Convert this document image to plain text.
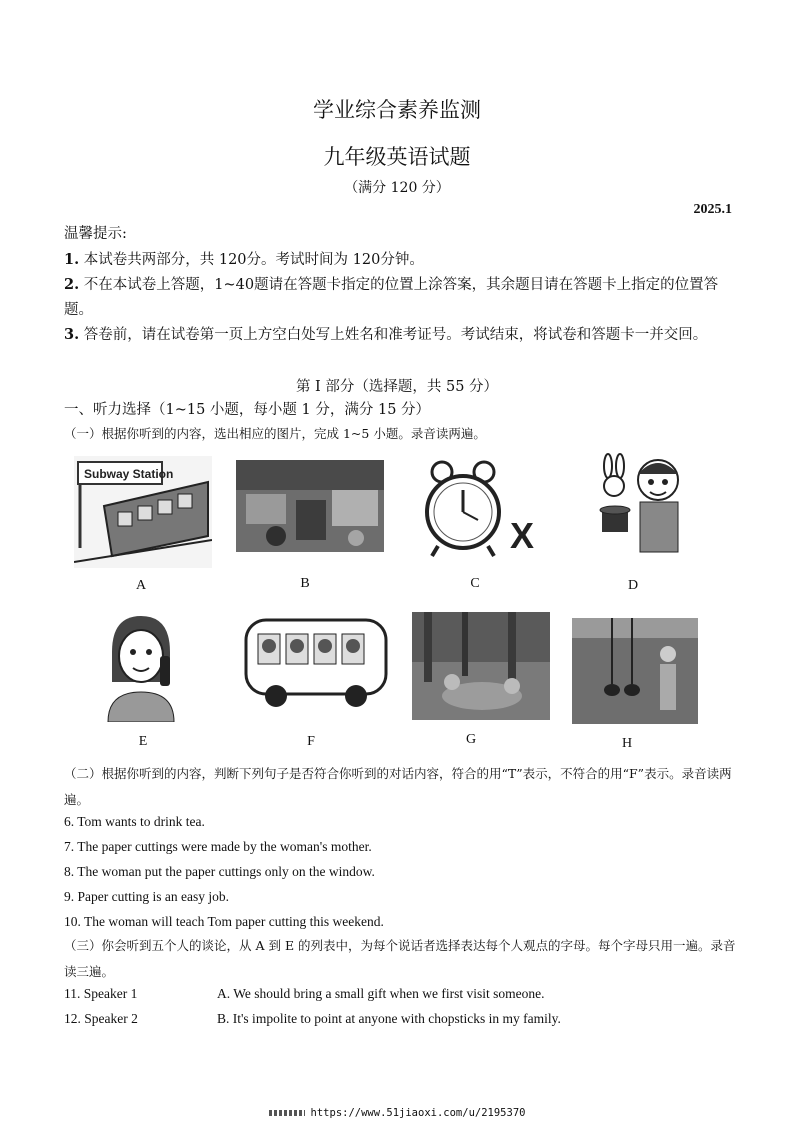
学业综合素养监测
九年级英语试题
（满分 120 分）
2025.1
温馨提示:
1. 本试卷共两部分，共 120分。考试时间为 120分钟。
2. 不在本试卷上答题，1~40题请在答题卡指定的位置上涂答案，其余题目请在答题卡上指定的位置答题。
3. 答卷前，请在试卷第一页上方空白处写上姓名和准考证号。考试结束，将试卷和答题卡一并交回。
第 I 部分（选择题，共 55 分）
一、听力选择（1~15 小题，每小题 1 分，满分 15 分）
（一）根据你听到的内容，选出相应的图片，完成 1~5 小题。录音读两遍。
Subway Station
A	B
X
C	D
E	F	G	H
（二）根据你听到的内容，判断下列句子是否符合你听到的对话内容，符合的用“T”表示，不符合的用“F”表示。录音读两遍。
6. Tom wants to drink tea.
7. The paper cuttings were made by the woman's mother.
8. The woman put the paper cuttings only on the window.
9. Paper cutting is an easy job.
10. The woman will teach Tom paper cutting this weekend.
（三）你会听到五个人的谈论，从 A 到 E 的列表中，为每个说话者选择表达每个人观点的字母。每个字母只用一遍。录音读三遍。
11. Speaker 1	A. We should bring a small gift when we first visit someone.
12. Speaker 2	B. It's impolite to point at anyone with chopsticks in my family.
https://www.51jiaoxi.com/u/2195370
